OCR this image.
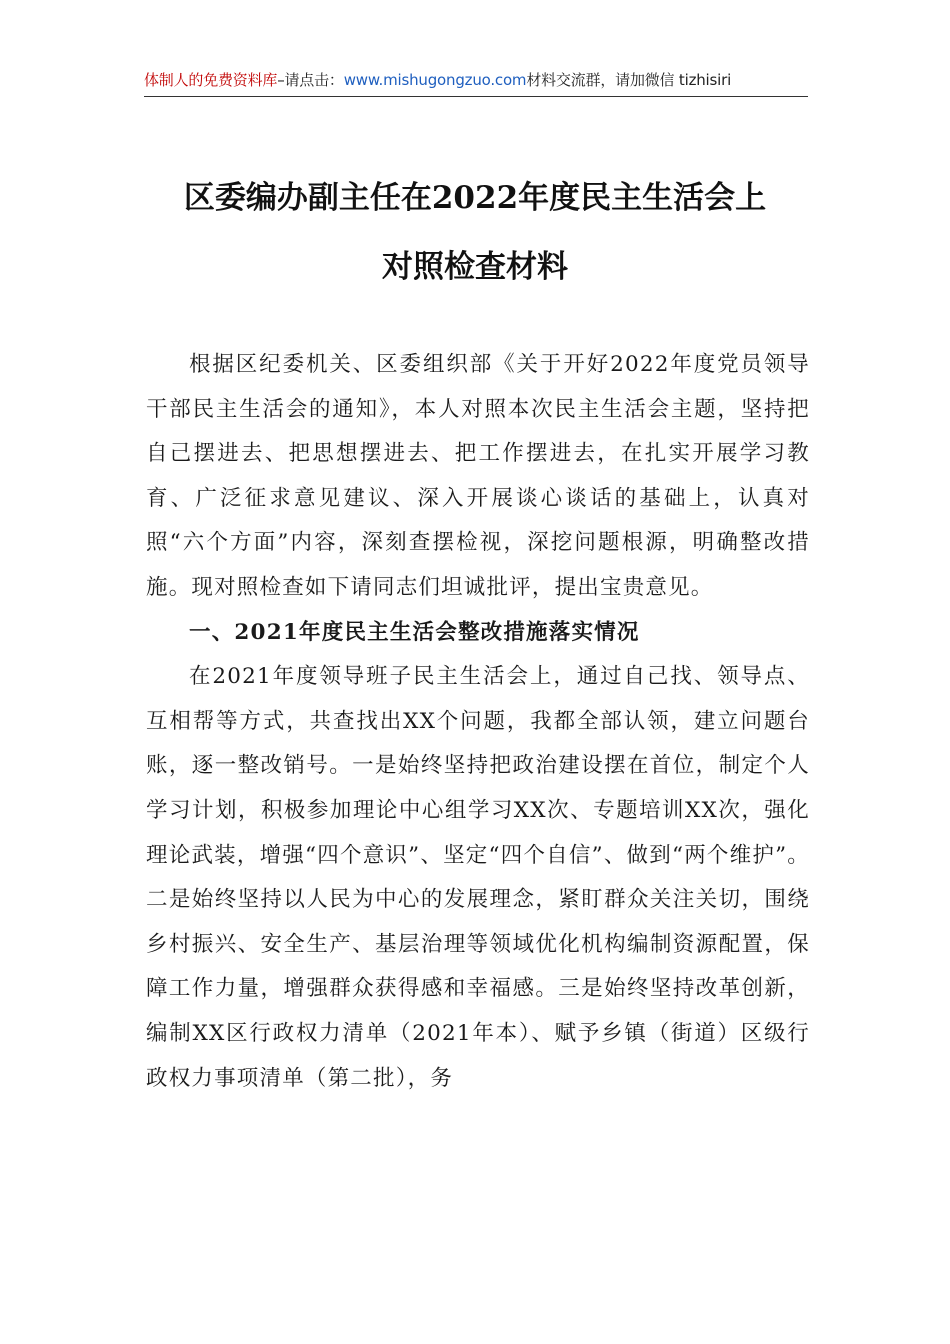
体制人的免费资料库–请点击：www.mishugongzuo.com材料交流群，请加微信 tizhisiri
区委编办副主任在2022年度民主生活会上
对照检查材料

根据区纪委机关、区委组织部《关于开好2022年度党员领导干部民主生活会的通知》，本人对照本次民主生活会主题，坚持把自己摆进去、把思想摆进去、把工作摆进去，在扎实开展学习教育、广泛征求意见建议、深入开展谈心谈话的基础上，认真对照“六个方面”内容，深刻查摆检视，深挖问题根源，明确整改措施。现对照检查如下请同志们坦诚批评，提出宝贵意见。

一、2021年度民主生活会整改措施落实情况

在2021年度领导班子民主生活会上，通过自己找、领导点、互相帮等方式，共查找出XX个问题，我都全部认领，建立问题台账，逐一整改销号。一是始终坚持把政治建设摆在首位，制定个人学习计划，积极参加理论中心组学习XX次、专题培训XX次，强化理论武装，增强“四个意识”、坚定“四个自信”、做到“两个维护”。二是始终坚持以人民为中心的发展理念，紧盯群众关注关切，围绕乡村振兴、安全生产、基层治理等领域优化机构编制资源配置，保障工作力量，增强群众获得感和幸福感。三是始终坚持改革创新，编制XX区行政权力清单（2021年本）、赋予乡镇（街道）区级行政权力事项清单（第二批），务
